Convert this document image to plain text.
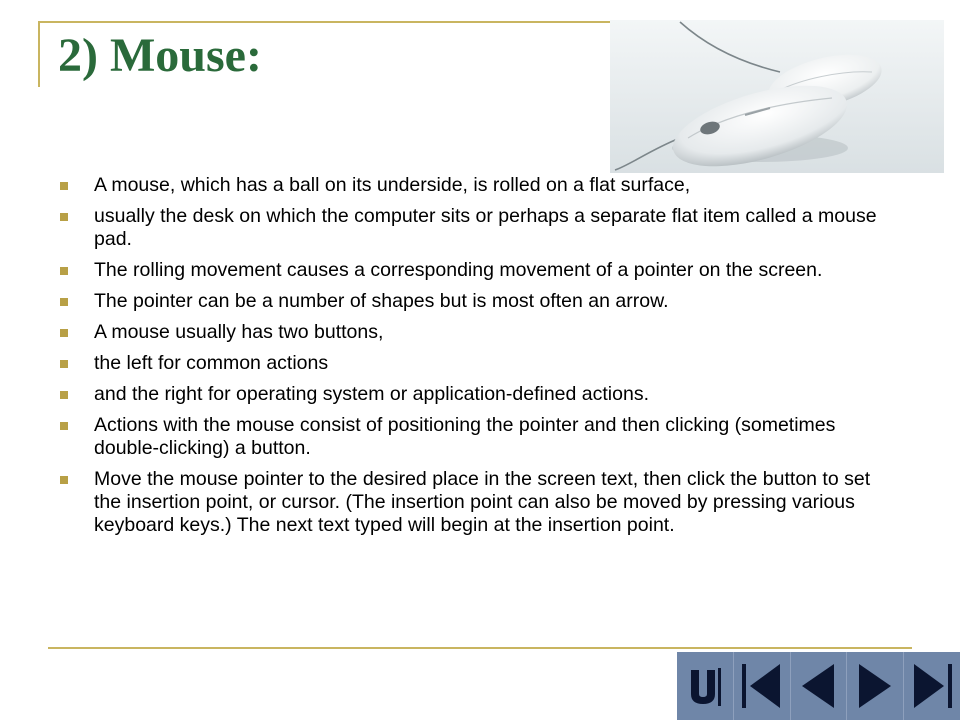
2) Mouse:
A mouse, which has a ball on its underside, is rolled on a flat surface,
usually the desk on which the computer sits or perhaps a separate flat item called a mouse pad.
The rolling movement causes a corresponding movement of a pointer on the screen.
The pointer can be a number of shapes but is most often an arrow.
A mouse usually has two buttons,
the left for common actions
and the right for operating system or application-defined actions.
Actions with the mouse consist of positioning the pointer and then clicking (sometimes double-clicking) a button.
Move the mouse pointer to the desired place in the screen text, then click the button to set the insertion point, or cursor. (The insertion point can also be moved by pressing various keyboard keys.) The next text typed will begin at the insertion point.
